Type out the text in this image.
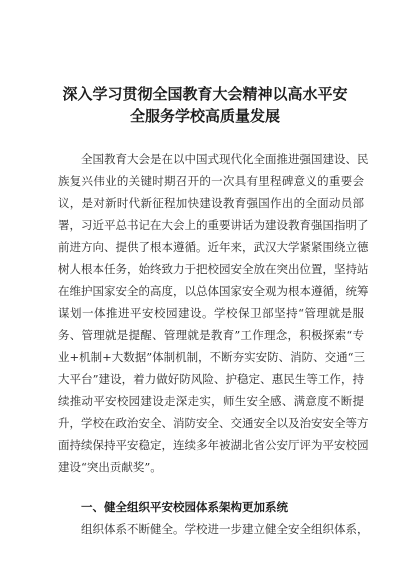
深入学习贯彻全国教育大会精神以高水平安
全服务学校高质量发展
全国教育大会是在以中国式现代化全面推进强国建设、民
族复兴伟业的关键时期召开的一次具有里程碑意义的重要会
议，是对新时代新征程加快建设教育强国作出的全面动员部
署，习近平总书记在大会上的重要讲话为建设教育强国指明了
前进方向、提供了根本遵循。近年来，武汉大学紧紧围绕立德
树人根本任务，始终致力于把校园安全放在突出位置，坚持站
在维护国家安全的高度，以总体国家安全观为根本遵循，统筹
谋划一体推进平安校园建设。学校保卫部坚持“管理就是服
务、管理就是提醒、管理就是教育”工作理念，积极探索“专
业+机制+大数据”体制机制，不断夯实安防、消防、交通“三
大平台”建设，着力做好防风险、护稳定、惠民生等工作，持
续推动平安校园建设走深走实，师生安全感、满意度不断提
升，学校在政治安全、消防安全、交通安全以及治安安全等方
面持续保持平安稳定，连续多年被湖北省公安厅评为平安校园
建设“突出贡献奖”。
一、健全组织平安校园体系架构更加系统
组织体系不断健全。学校进一步建立健全安全组织体系，
